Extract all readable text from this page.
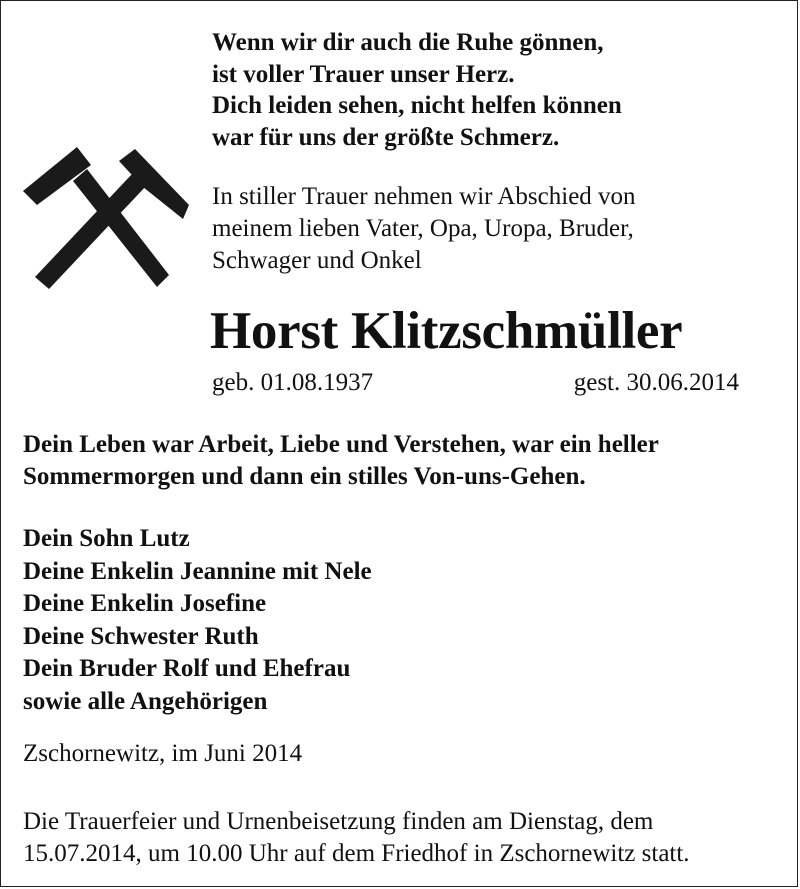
Wenn wir dir auch die Ruhe gönnen,
ist voller Trauer unser Herz.
Dich leiden sehen, nicht helfen können
war für uns der größte Schmerz.
In stiller Trauer nehmen wir Abschied von
meinem lieben Vater, Opa, Uropa, Bruder,
Schwager und Onkel
Horst Klitzschmüller
geb. 01.08.1937	gest. 30.06.2014
Dein Leben war Arbeit, Liebe und Verstehen, war ein heller
Sommermorgen und dann ein stilles Von-uns-Gehen.
Dein Sohn Lutz
Deine Enkelin Jeannine mit Nele
Deine Enkelin Josefine
Deine Schwester Ruth
Dein Bruder Rolf und Ehefrau
sowie alle Angehörigen
Zschornewitz, im Juni 2014
Die Trauerfeier und Urnenbeisetzung finden am Dienstag, dem
15.07.2014, um 10.00 Uhr auf dem Friedhof in Zschornewitz statt.
